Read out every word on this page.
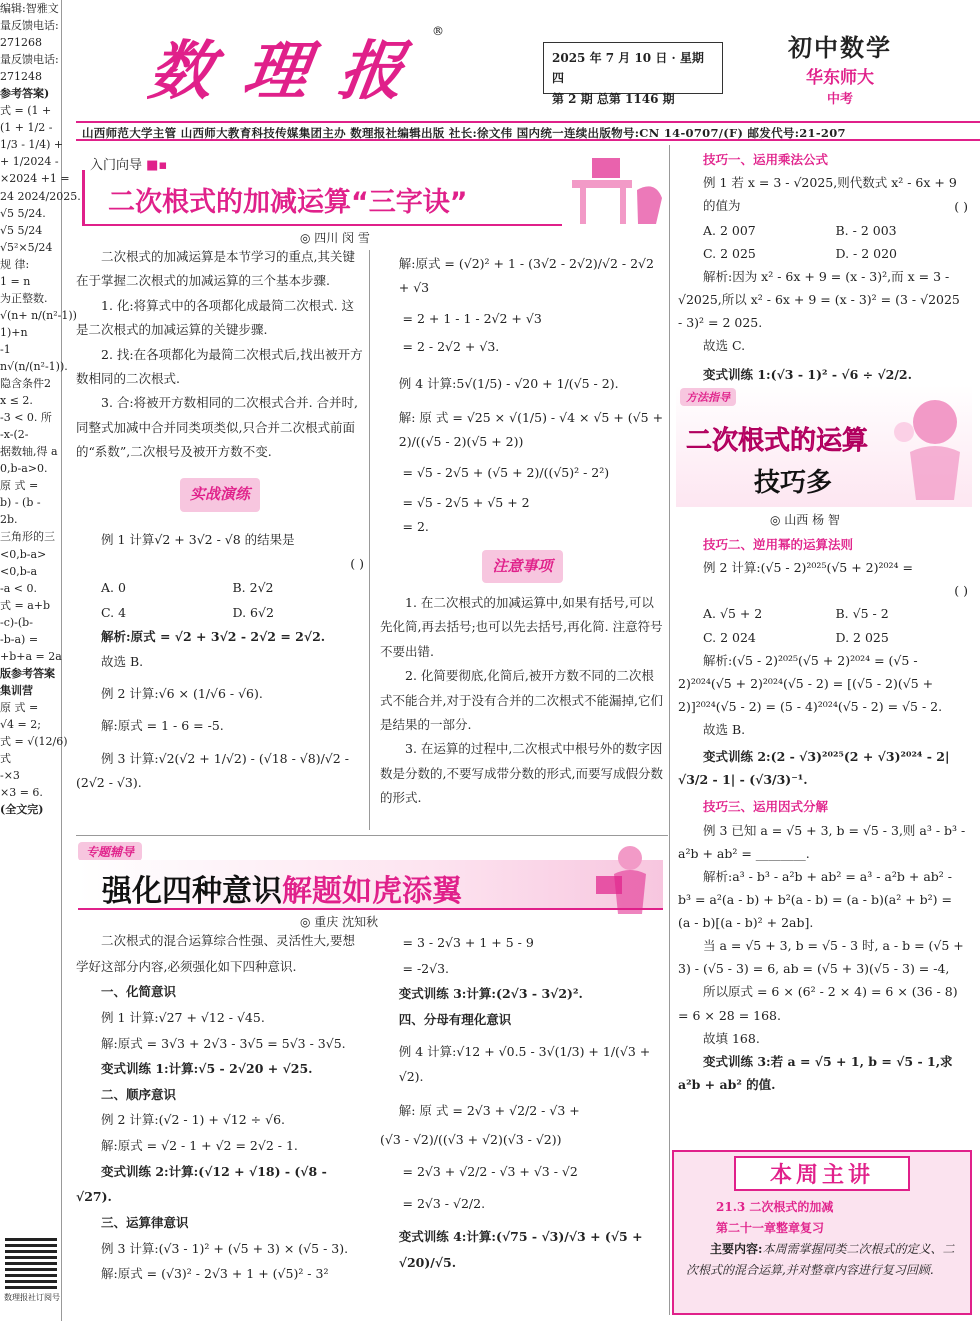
编辑:智雅文
量反馈电话:
271268
量反馈电话:
271248
参考答案)
式 = (1 +
(1 + 1/2 -
1/3 - 1/4) +
+ 1/2024 -
×2024 +1 =
24 2024/2025.
√5 5/24.
√5 5/24
√5²×5/24
规 律:
1 = n
为正整数.
√(n+ n/(n²-1))
1)+n
-1
n√(n/(n²-1)).
隐含条件2
x ≤ 2.
-3 < 0. 所
-x-(2-
据数轴,得 a
0,b-a>0.
原 式 =
b) - (b -
2b.
三角形的三
<0,b-a>
<0,b-a
-a < 0.
式 = a+b
-c)-(b-
-b-a) =
+b+a = 2a
版参考答案
集训营
原 式 =
√4 = 2;
式 = √(12/6)
式
-×3
×3 = 6.
(全文完)
数理报社订阅号
数 理 报
®
2025 年 7 月 10 日 · 星期四
第 2 期 总第 1146 期
初中数学
华东师大
中考
山西师范大学主管 山西师大教育科技传媒集团主办 数理报社编辑出版 社长:徐文伟 国内统一连续出版物号:CN 14-0707/(F) 邮发代号:21-207
入门向导 ■▪
二次根式的加减运算“三字诀”
◎ 四川 闵 雪

二次根式的加减运算是本节学习的重点,其关键在于掌握二次根式的加减运算的三个基本步骤.

1. 化:将算式中的各项都化成最简二次根式. 这是二次根式的加减运算的关键步骤.

2. 找:在各项都化为最简二次根式后,找出被开方数相同的二次根式.

3. 合:将被开方数相同的二次根式合并. 合并时,同整式加减中合并同类项类似,只合并二次根式前面的“系数”,二次根号及被开方数不变.

实战演练
例 1 计算√2 + 3√2 - √8 的结果是
( )
A. 0	B. 2√2
C. 4	D. 6√2

解析:原式 = √2 + 3√2 - 2√2 = 2√2.

故选 B.

例 2 计算:√6 × (1/√6 - √6).

解:原式 = 1 - 6 = -5.

例 3 计算:√2(√2 + 1/√2) - (√18 - √8)/√2 - (2√2 - √3).

解:原式 = (√2)² + 1 - (3√2 - 2√2)/√2 - 2√2 + √3
= 2 + 1 - 1 - 2√2 + √3
= 2 - 2√2 + √3.
例 4 计算:5√(1/5) - √20 + 1/(√5 - 2).
解: 原 式 = √25 × √(1/5) - √4 × √5 + (√5 + 2)/((√5 - 2)(√5 + 2))
= √5 - 2√5 + (√5 + 2)/((√5)² - 2²)
= √5 - 2√5 + √5 + 2
= 2.
注意事项

1. 在二次根式的加减运算中,如果有括号,可以先化简,再去括号;也可以先去括号,再化简. 注意符号不要出错.

2. 化简要彻底,化简后,被开方数不同的二次根式不能合并,对于没有合并的二次根式不能漏掉,它们是结果的一部分.

3. 在运算的过程中,二次根式中根号外的数字因数是分数的,不要写成带分数的形式,而要写成假分数的形式.

专题辅导
强化四种意识解题如虎添翼
◎ 重庆 沈知秋

二次根式的混合运算综合性强、灵活性大,要想学好这部分内容,必须强化如下四种意识.

一、化简意识
例 1 计算:√27 + √12 - √45.
解:原式 = 3√3 + 2√3 - 3√5 = 5√3 - 3√5.
变式训练 1:计算:√5 - 2√20 + √25.
二、顺序意识
例 2 计算:(√2 - 1) + √12 ÷ √6.
解:原式 = √2 - 1 + √2 = 2√2 - 1.

变式训练 2:计算:(√12 + √18) - (√8 - √27).

三、运算律意识
例 3 计算:(√3 - 1)² + (√5 + 3) × (√5 - 3).
解:原式 = (√3)² - 2√3 + 1 + (√5)² - 3²
= 3 - 2√3 + 1 + 5 - 9
= -2√3.
变式训练 3:计算:(2√3 - 3√2)².
四、分母有理化意识
例 4 计算:√12 + √0.5 - 3√(1/3) + 1/(√3 + √2).
解: 原 式 = 2√3 + √2/2 - √3 +
(√3 - √2)/((√3 + √2)(√3 - √2))
= 2√3 + √2/2 - √3 + √3 - √2
= 2√3 - √2/2.
变式训练 4:计算:(√75 - √3)/√3 + (√5 + √20)/√5.
技巧一、运用乘法公式
例 1 若 x = 3 - √2025,则代数式 x² - 6x + 9 的值为	( )
A. 2 007	B. - 2 003
C. 2 025	D. - 2 020

解析:因为 x² - 6x + 9 = (x - 3)²,而 x = 3 - √2025,所以 x² - 6x + 9 = (x - 3)² = (3 - √2025 - 3)² = 2 025.

故选 C.

变式训练 1:(√3 - 1)² - √6 ÷ √2/2.

方法指导
二次根式的运算
技巧多
◎ 山西 杨 智
技巧二、逆用幂的运算法则
例 2 计算:(√5 - 2)²⁰²⁵(√5 + 2)²⁰²⁴ =
( )
A. √5 + 2	B. √5 - 2
C. 2 024	D. 2 025

解析:(√5 - 2)²⁰²⁵(√5 + 2)²⁰²⁴ = (√5 - 2)²⁰²⁴(√5 + 2)²⁰²⁴(√5 - 2) = [(√5 - 2)(√5 + 2)]²⁰²⁴(√5 - 2) = (5 - 4)²⁰²⁴(√5 - 2) = √5 - 2.

故选 B.

变式训练 2:(2 - √3)²⁰²⁵(2 + √3)²⁰²⁴ - 2|√3/2 - 1| - (√3/3)⁻¹.

技巧三、运用因式分解

例 3 已知 a = √5 + 3, b = √5 - 3,则 a³ - b³ - a²b + ab² = ________.

解析:a³ - b³ - a²b + ab² = a³ - a²b + ab² - b³ = a²(a - b) + b²(a - b) = (a - b)(a² + b²) = (a - b)[(a - b)² + 2ab].

当 a = √5 + 3, b = √5 - 3 时, a - b = (√5 + 3) - (√5 - 3) = 6, ab = (√5 + 3)(√5 - 3) = -4,

所以原式 = 6 × (6² - 2 × 4) = 6 × (36 - 8) = 6 × 28 = 168.

故填 168.

变式训练 3:若 a = √5 + 1, b = √5 - 1,求 a²b + ab² 的值.

本周主讲
21.3 二次根式的加减
第二十一章整章复习
主要内容:本周需掌握同类二次根式的定义、二次根式的混合运算,并对整章内容进行复习回顾.
